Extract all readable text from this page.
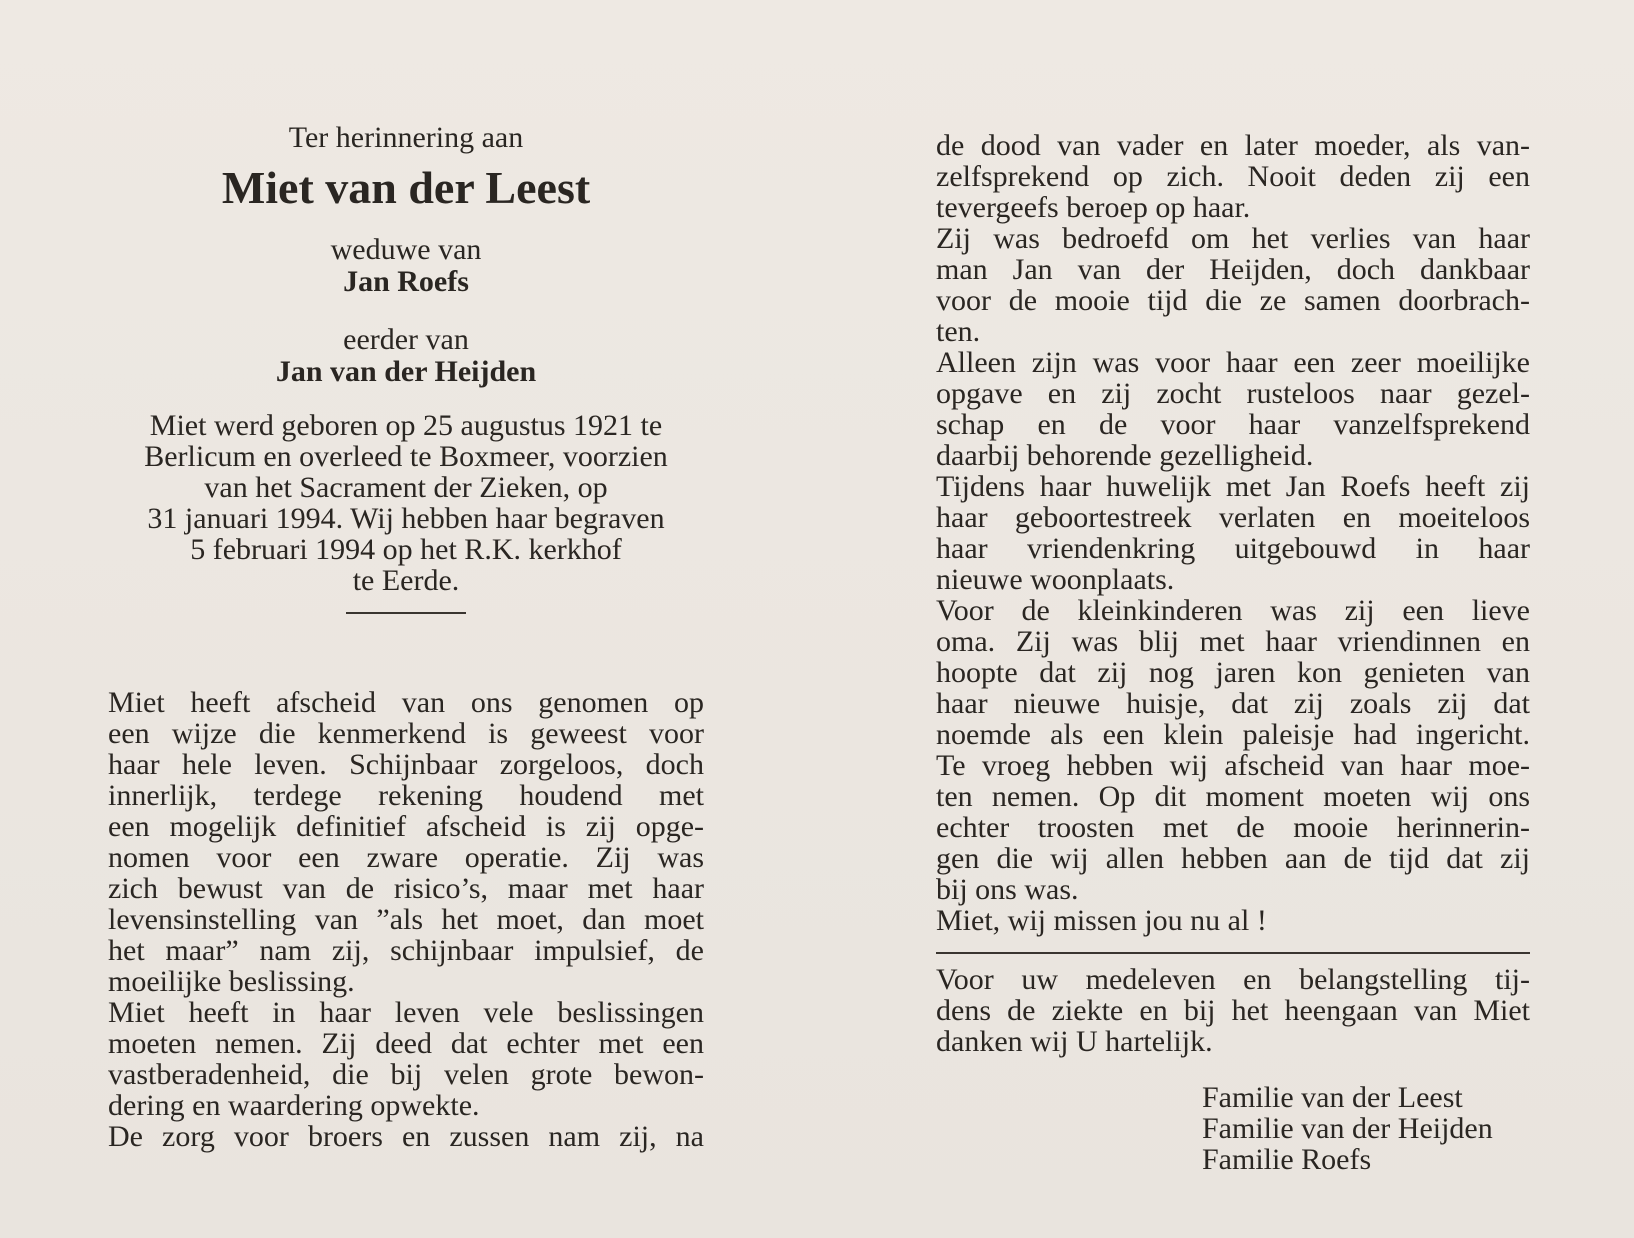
Ter herinnering aan
Miet van der Leest
weduwe van
Jan Roefs
eerder van
Jan van der Heijden
Miet werd geboren op 25 augustus 1921 te
Berlicum en overleed te Boxmeer, voorzien
van het Sacrament der Zieken, op
31 januari 1994. Wij hebben haar begraven
5 februari 1994 op het R.K. kerkhof
te Eerde.
Miet heeft afscheid van ons genomen op
een wijze die kenmerkend is geweest voor
haar hele leven. Schijnbaar zorgeloos, doch
innerlijk, terdege rekening houdend met
een mogelijk definitief afscheid is zij opge-
nomen voor een zware operatie. Zij was
zich bewust van de risico’s, maar met haar
levensinstelling van ”als het moet, dan moet
het maar” nam zij, schijnbaar impulsief, de
moeilijke beslissing.
Miet heeft in haar leven vele beslissingen
moeten nemen. Zij deed dat echter met een
vastberadenheid, die bij velen grote bewon-
dering en waardering opwekte.
De zorg voor broers en zussen nam zij, na
de dood van vader en later moeder, als van-
zelfsprekend op zich. Nooit deden zij een
tevergeefs beroep op haar.
Zij was bedroefd om het verlies van haar
man Jan van der Heijden, doch dankbaar
voor de mooie tijd die ze samen doorbrach-
ten.
Alleen zijn was voor haar een zeer moeilijke
opgave en zij zocht rusteloos naar gezel-
schap en de voor haar vanzelfsprekend
daarbij behorende gezelligheid.
Tijdens haar huwelijk met Jan Roefs heeft zij
haar geboortestreek verlaten en moeiteloos
haar vriendenkring uitgebouwd in haar
nieuwe woonplaats.
Voor de kleinkinderen was zij een lieve
oma. Zij was blij met haar vriendinnen en
hoopte dat zij nog jaren kon genieten van
haar nieuwe huisje, dat zij zoals zij dat
noemde als een klein paleisje had ingericht.
Te vroeg hebben wij afscheid van haar moe-
ten nemen. Op dit moment moeten wij ons
echter troosten met de mooie herinnerin-
gen die wij allen hebben aan de tijd dat zij
bij ons was.
Miet, wij missen jou nu al !
Voor uw medeleven en belangstelling tij-
dens de ziekte en bij het heengaan van Miet
danken wij U hartelijk.
Familie van der Leest
Familie van der Heijden
Familie Roefs
